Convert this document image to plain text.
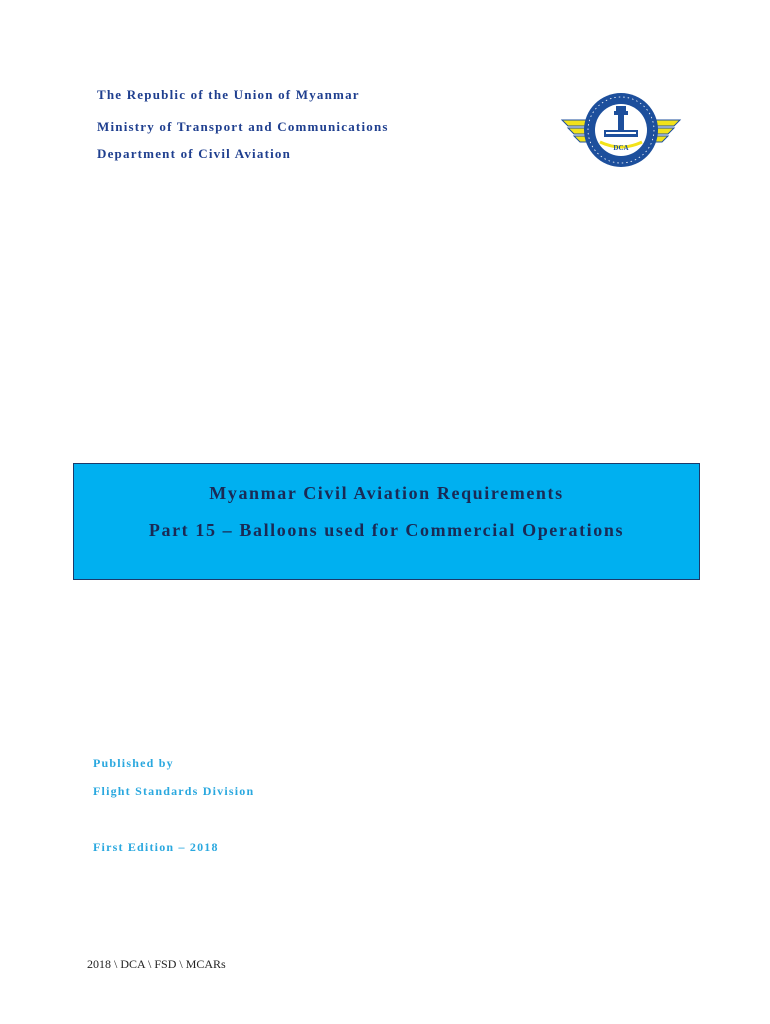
The Republic of the Union of Myanmar
Ministry of Transport and Communications
Department of Civil Aviation	DCA
Myanmar Civil Aviation Requirements
Part 15 – Balloons used for Commercial Operations
Published by
Flight Standards Division
First Edition – 2018
2018 \ DCA \ FSD \ MCARs
